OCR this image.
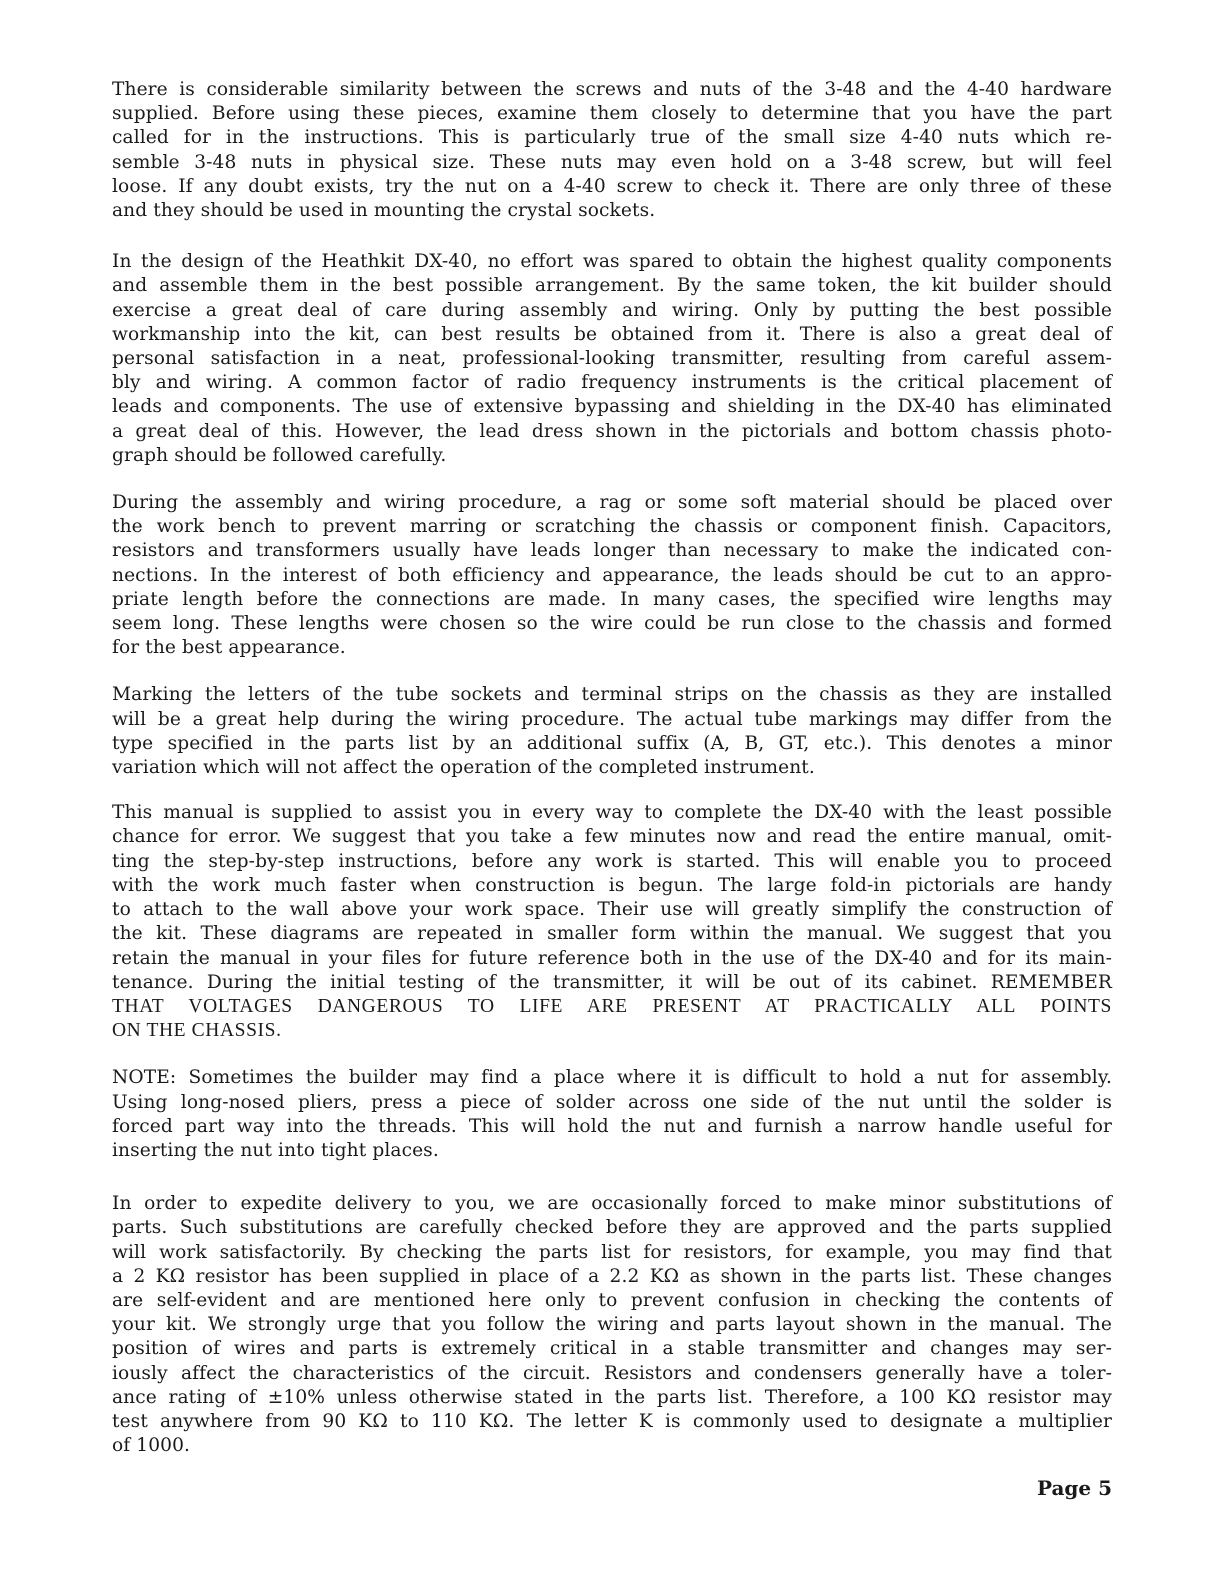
There is considerable similarity between the screws and nuts of the 3-48 and the 4-40 hardware
supplied. Before using these pieces, examine them closely to determine that you have the part
called for in the instructions. This is particularly true of the small size 4-40 nuts which re-
semble 3-48 nuts in physical size. These nuts may even hold on a 3-48 screw, but will feel
loose. If any doubt exists, try the nut on a 4-40 screw to check it. There are only three of these
and they should be used in mounting the crystal sockets.

In the design of the Heathkit DX-40, no effort was spared to obtain the highest quality components
and assemble them in the best possible arrangement. By the same token, the kit builder should
exercise a great deal of care during assembly and wiring. Only by putting the best possible
workmanship into the kit, can best results be obtained from it. There is also a great deal of
personal satisfaction in a neat, professional-looking transmitter, resulting from careful assem-
bly and wiring. A common factor of radio frequency instruments is the critical placement of
leads and components. The use of extensive bypassing and shielding in the DX-40 has eliminated
a great deal of this. However, the lead dress shown in the pictorials and bottom chassis photo-
graph should be followed carefully.

During the assembly and wiring procedure, a rag or some soft material should be placed over
the work bench to prevent marring or scratching the chassis or component finish. Capacitors,
resistors and transformers usually have leads longer than necessary to make the indicated con-
nections. In the interest of both efficiency and appearance, the leads should be cut to an appro-
priate length before the connections are made. In many cases, the specified wire lengths may
seem long. These lengths were chosen so the wire could be run close to the chassis and formed
for the best appearance.

Marking the letters of the tube sockets and terminal strips on the chassis as they are installed
will be a great help during the wiring procedure. The actual tube markings may differ from the
type specified in the parts list by an additional suffix (A, B, GT, etc.). This denotes a minor
variation which will not affect the operation of the completed instrument.

This manual is supplied to assist you in every way to complete the DX-40 with the least possible
chance for error. We suggest that you take a few minutes now and read the entire manual, omit-
ting the step-by-step instructions, before any work is started. This will enable you to proceed
with the work much faster when construction is begun. The large fold-in pictorials are handy
to attach to the wall above your work space. Their use will greatly simplify the construction of
the kit. These diagrams are repeated in smaller form within the manual. We suggest that you
retain the manual in your files for future reference both in the use of the DX-40 and for its main-
tenance. During the initial testing of the transmitter, it will be out of its cabinet. REMEMBER
THAT VOLTAGES DANGEROUS TO LIFE ARE PRESENT AT PRACTICALLY ALL POINTS
ON THE CHASSIS.

NOTE: Sometimes the builder may find a place where it is difficult to hold a nut for assembly.
Using long-nosed pliers, press a piece of solder across one side of the nut until the solder is
forced part way into the threads. This will hold the nut and furnish a narrow handle useful for
inserting the nut into tight places.

In order to expedite delivery to you, we are occasionally forced to make minor substitutions of
parts. Such substitutions are carefully checked before they are approved and the parts supplied
will work satisfactorily. By checking the parts list for resistors, for example, you may find that
a 2 KΩ resistor has been supplied in place of a 2.2 KΩ as shown in the parts list. These changes
are self-evident and are mentioned here only to prevent confusion in checking the contents of
your kit. We strongly urge that you follow the wiring and parts layout shown in the manual. The
position of wires and parts is extremely critical in a stable transmitter and changes may ser-
iously affect the characteristics of the circuit. Resistors and condensers generally have a toler-
ance rating of ±10% unless otherwise stated in the parts list. Therefore, a 100 KΩ resistor may
test anywhere from 90 KΩ to 110 KΩ. The letter K is commonly used to designate a multiplier
of 1000.

Page 5
